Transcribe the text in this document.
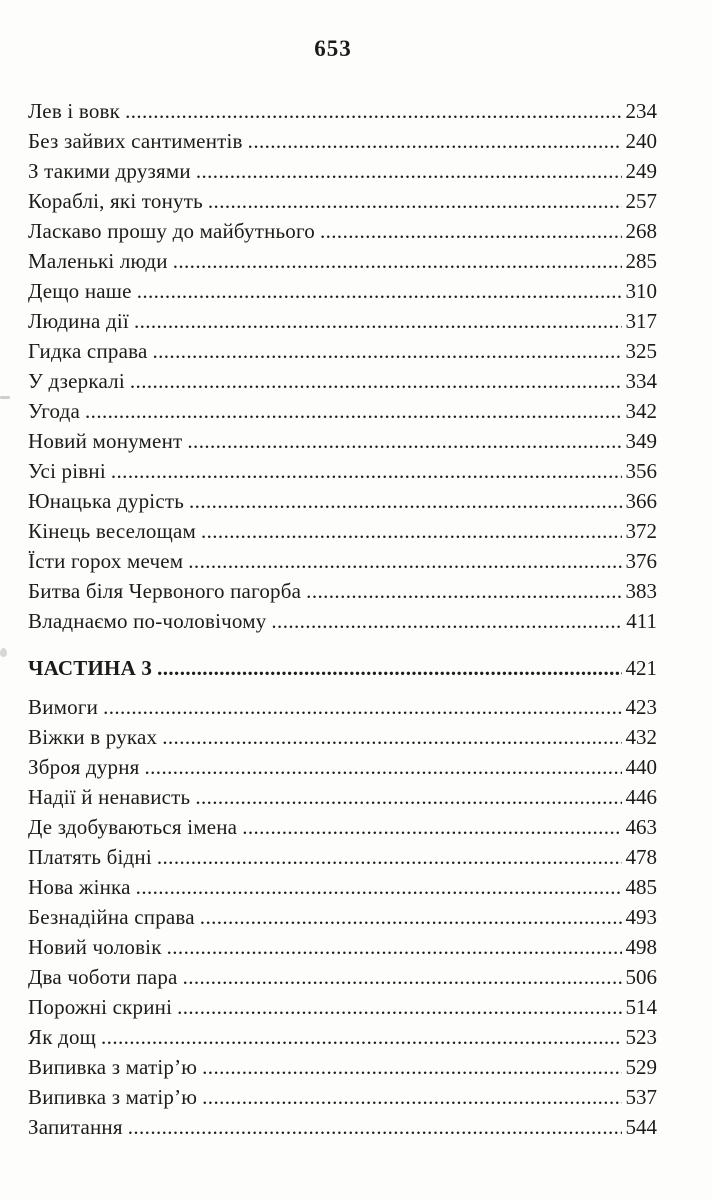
653
Лев і вовк .....	234
Без зайвих сантиментів .....	240
З такими друзями .....	249
Кораблі, які тонуть .....	257
Ласкаво прошу до майбутнього .....	268
Маленькі люди .....	285
Дещо наше .....	310
Людина дії .....	317
Гидка справа .....	325
У дзеркалі .....	334
Угода .....	342
Новий монумент .....	349
Усі рівні .....	356
Юнацька дурість .....	366
Кінець веселощам .....	372
Їсти горох мечем .....	376
Битва біля Червоного пагорба .....	383
Владнаємо по-чоловічому .....	411
ЧАСТИНА 3 .....	421
Вимоги .....	423
Віжки в руках .....	432
Зброя дурня .....	440
Надії й ненависть .....	446
Де здобуваються імена .....	463
Платять бідні .....	478
Нова жінка .....	485
Безнадійна справа .....	493
Новий чоловік .....	498
Два чоботи пара .....	506
Порожні скрині .....	514
Як дощ .....	523
Випивка з матір’ю .....	529
Випивка з матір’ю .....	537
Запитання .....	544
